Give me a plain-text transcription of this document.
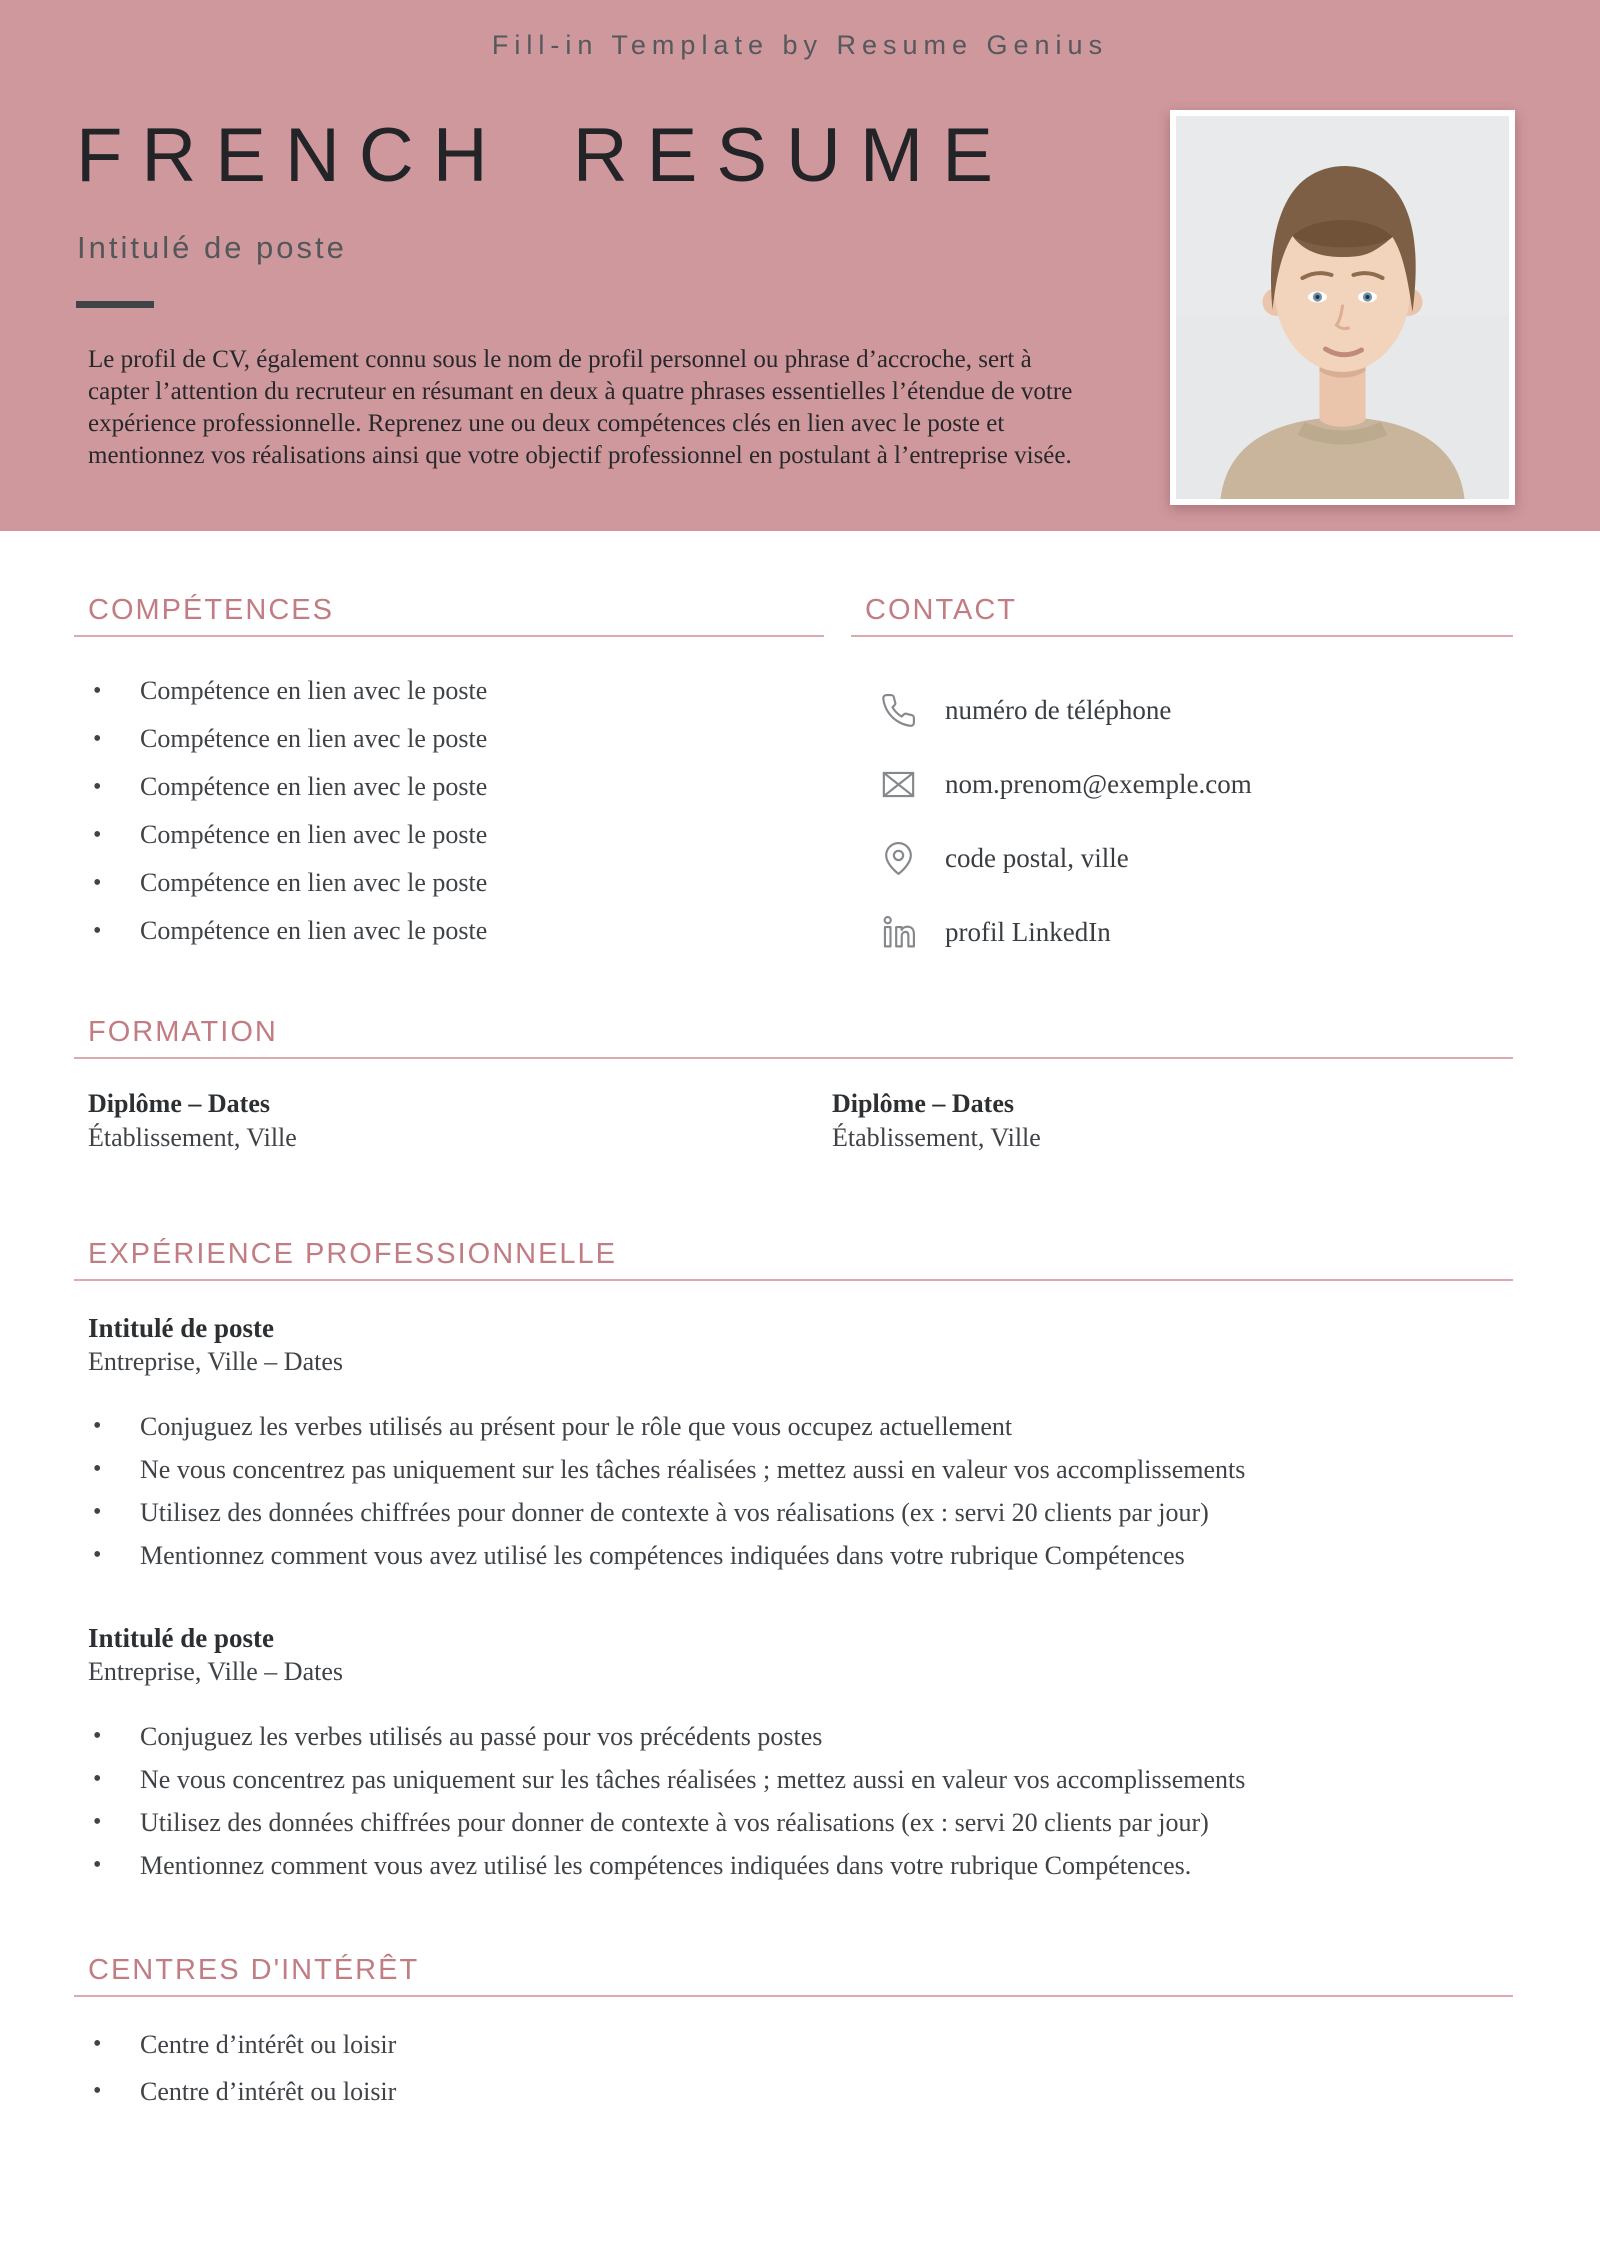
Fill-in Template by Resume Genius
FRENCH RESUME
Intitulé de poste

Le profil de CV, également connu sous le nom de profil personnel ou phrase d’accroche, sert à capter l’attention du recruteur en résumant en deux à quatre phrases essentielles l’étendue de votre expérience professionnelle. Reprenez une ou deux compétences clés en lien avec le poste et mentionnez vos réalisations ainsi que votre objectif professionnel en postulant à l’entreprise visée.

COMPÉTENCES
• Compétence en lien avec le poste
• Compétence en lien avec le poste
• Compétence en lien avec le poste
• Compétence en lien avec le poste
• Compétence en lien avec le poste
• Compétence en lien avec le poste
CONTACT
numéro de téléphone
nom.prenom@exemple.com
code postal, ville
profil LinkedIn
FORMATION
Diplôme – Dates
Établissement, Ville
Diplôme – Dates
Établissement, Ville
EXPÉRIENCE PROFESSIONNELLE
Intitulé de poste
Entreprise, Ville – Dates
• Conjuguez les verbes utilisés au présent pour le rôle que vous occupez actuellement
• Ne vous concentrez pas uniquement sur les tâches réalisées ; mettez aussi en valeur vos accomplissements
• Utilisez des données chiffrées pour donner de contexte à vos réalisations (ex : servi 20 clients par jour)
• Mentionnez comment vous avez utilisé les compétences indiquées dans votre rubrique Compétences
Intitulé de poste
Entreprise, Ville – Dates
• Conjuguez les verbes utilisés au passé pour vos précédents postes
• Ne vous concentrez pas uniquement sur les tâches réalisées ; mettez aussi en valeur vos accomplissements
• Utilisez des données chiffrées pour donner de contexte à vos réalisations (ex : servi 20 clients par jour)
• Mentionnez comment vous avez utilisé les compétences indiquées dans votre rubrique Compétences.
CENTRES D'INTÉRÊT
• Centre d’intérêt ou loisir
• Centre d’intérêt ou loisir
